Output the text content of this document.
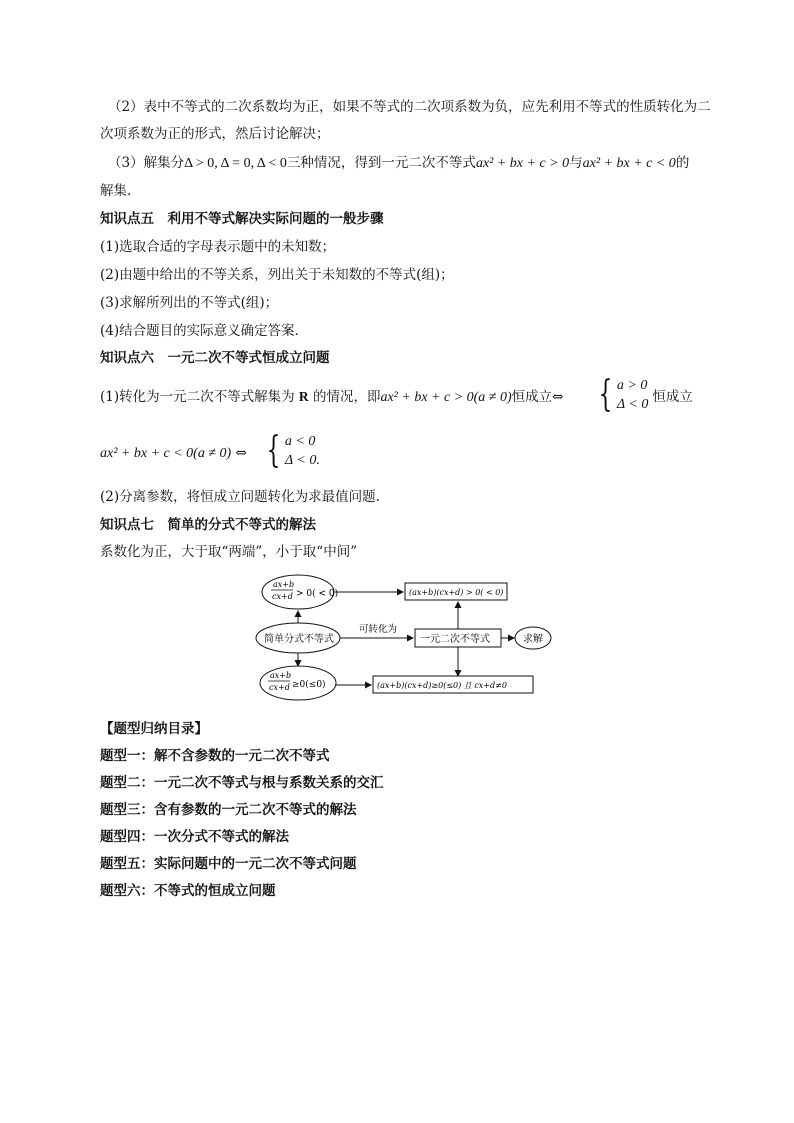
（2）表中不等式的二次系数均为正，如果不等式的二次项系数为负，应先利用不等式的性质转化为二
次项系数为正的形式，然后讨论解决；
（3）解集分Δ > 0, Δ = 0, Δ < 0三种情况，得到一元二次不等式ax² + bx + c > 0与ax² + bx + c < 0的
解集.
知识点五　利用不等式解决实际问题的一般步骤
(1)选取合适的字母表示题中的未知数；
(2)由题中给出的不等关系，列出关于未知数的不等式(组)；
(3)求解所列出的不等式(组)；
(4)结合题目的实际意义确定答案．
知识点六　一元二次不等式恒成立问题
(1)转化为一元二次不等式解集为 R 的情况，即ax² + bx + c > 0(a ≠ 0)恒成立⇔ { a > 0
Δ < 0 恒成立
ax² + bx + c < 0(a ≠ 0) ⇔ { a < 0
Δ < 0.
(2)分离参数，将恒成立问题转化为求最值问题.
知识点七　简单的分式不等式的解法
系数化为正，大于取“两端”，小于取“中间”
ax+b
cx+d > 0( < 0)	(ax+b)(cx+d) > 0( < 0)
简单分式不等式
可转化为
一元二次不等式	求解
ax+b
cx+d ≥0(≤0)	(ax+b)(cx+d)≥0(≤0) 且 cx+d≠0
【题型归纳目录】
题型一：解不含参数的一元二次不等式
题型二：一元二次不等式与根与系数关系的交汇
题型三：含有参数的一元二次不等式的解法
题型四：一次分式不等式的解法
题型五：实际问题中的一元二次不等式问题
题型六：不等式的恒成立问题
